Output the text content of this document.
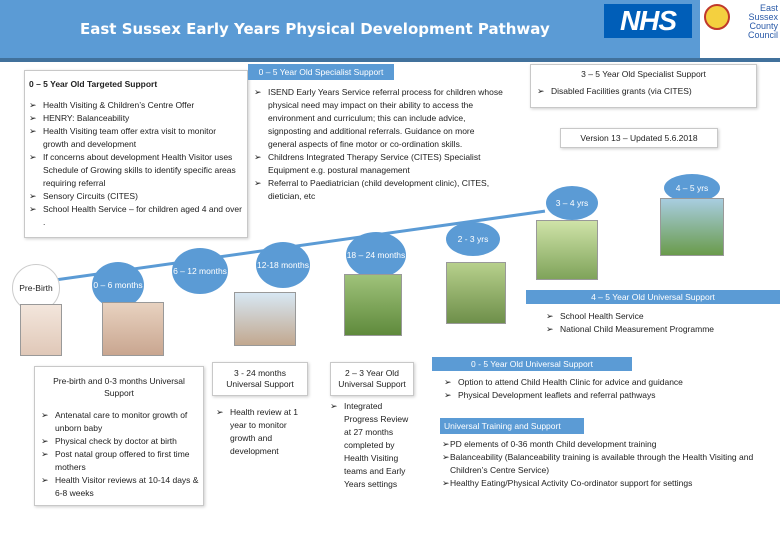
East Sussex Early Years Physical Development Pathway	NHS	East Sussex County Council
0 – 5 Year Old Targeted Support
➢ Health Visiting & Children’s Centre Offer
➢ HENRY: Balanceability
➢ Health Visiting team offer extra visit to monitor growth and development
➢ If concerns about development Health Visitor uses Schedule of Growing skills to identify specific areas requiring referral
➢ Sensory Circuits (CITES)
➢ School Health Service – for children aged 4 and over .
0 – 5 Year Old Specialist Support
➢ ISEND Early Years Service referral process for children whose physical need may impact on their ability to access the environment and curriculum; this can include advice, signposting and additional referrals. Guidance on more general aspects of fine motor or co-ordination skills.
➢ Childrens Integrated Therapy Service (CITES) Specialist Equipment e.g. postural management
➢ Referral to Paediatrician (child development clinic), CITES, dietician, etc
3 – 5 Year Old Specialist Support
➢ Disabled Facilities grants (via CITES)
Version 13 – Updated 5.6.2018
Pre-Birth	0 – 6 months
6 – 12 months
12-18 months
18 – 24 months
2 - 3 yrs
3 – 4 yrs
4 – 5 yrs
4 – 5 Year Old Universal Support
➢ School Health Service
➢ National Child Measurement Programme
0 - 5 Year Old Universal Support
➢ Option to attend Child Health Clinic for advice and guidance
➢ Physical Development leaflets and referral pathways
Pre-birth and 0-3 months Universal Support
➢ Antenatal care to monitor growth of unborn baby
➢ Physical check by doctor at birth
➢ Post natal group offered to first time mothers
➢ Health Visitor reviews at 10-14 days & 6-8 weeks
3 - 24 months Universal Support
➢ Health review at 1 year to monitor growth and development
2 – 3 Year Old Universal Support
➢ Integrated Progress Review at 27 months completed by Health Visiting teams and Early Years settings
Universal Training and Support
➢ PD elements of 0-36 month Child development training
➢ Balanceability (Balanceability training is available through the Health Visiting and Children’s Centre Service)
➢ Healthy Eating/Physical Activity Co-ordinator support for settings
